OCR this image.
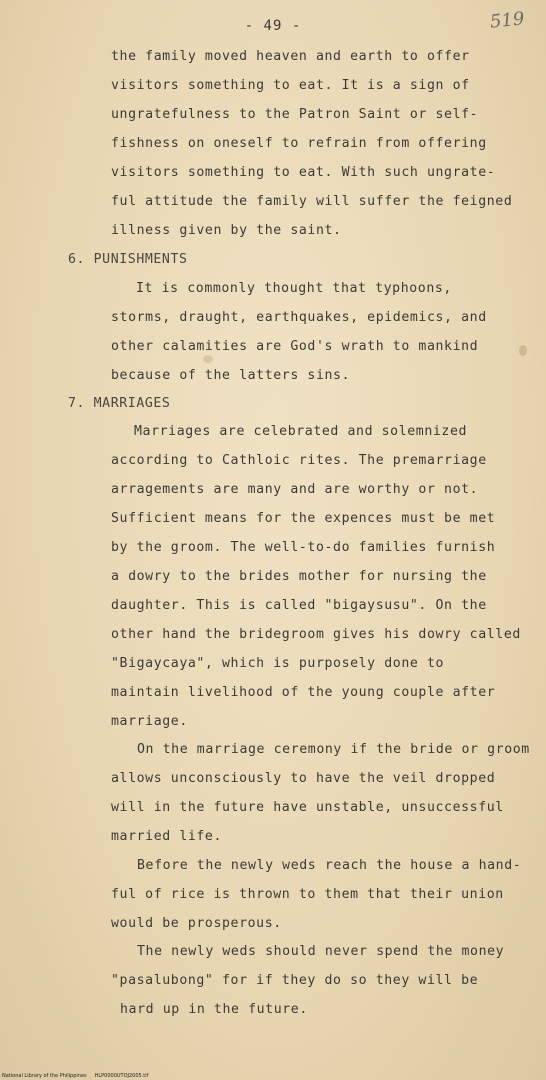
- 49 -	519
the family moved heaven and earth to offer
visitors something to eat. It is a sign of
ungratefulness to the Patron Saint or self-
fishness on oneself to refrain from offering
visitors something to eat. With such ungrate-
ful attitude the family will suffer the feigned
illness given by the saint.
6. PUNISHMENTS
It is commonly thought that typhoons,
storms, draught, earthquakes, epidemics, and
other calamities are God's wrath to mankind
because of the latters sins.
7. MARRIAGES
Marriages are celebrated and solemnized
according to Cathloic rites. The premarriage
arragements are many and are worthy or not.
Sufficient means for the expences must be met
by the groom. The well-to-do families furnish
a dowry to the brides mother for nursing the
daughter. This is called "bigaysusu". On the
other hand the bridegroom gives his dowry called
"Bigaycaya", which is purposely done to
maintain livelihood of the young couple after
marriage.
On the marriage ceremony if the bride or groom
allows unconsciously to have the veil dropped
will in the future have unstable, unsuccessful
married life.
Before the newly weds reach the house a hand-
ful of rice is thrown to them that their union
would be prosperous.
The newly weds should never spend the money
"pasalubong" for if they do so they will be
hard up in the future.
National Library of the Philippines     HLP0000UTOJ2005.tif
